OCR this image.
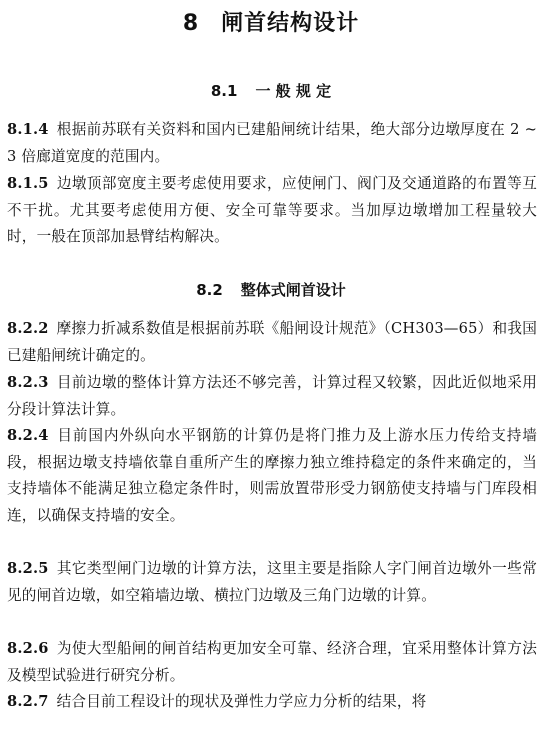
8 闸首结构设计
8.1 一 般 规 定
8.1.4 根据前苏联有关资料和国内已建船闸统计结果，绝大部分边墩厚度在 2 ~ 3 倍廊道宽度的范围内。
8.1.5 边墩顶部宽度主要考虑使用要求，应使闸门、阀门及交通道路的布置等互不干扰。尤其要考虑使用方便、安全可靠等要求。当加厚边墩增加工程量较大时，一般在顶部加悬臂结构解决。
8.2 整体式闸首设计
8.2.2 摩擦力折减系数值是根据前苏联《船闸设计规范》（CH303—65）和我国已建船闸统计确定的。
8.2.3 目前边墩的整体计算方法还不够完善，计算过程又较繁，因此近似地采用分段计算法计算。
8.2.4 目前国内外纵向水平钢筋的计算仍是将门推力及上游水压力传给支持墙段，根据边墩支持墙依靠自重所产生的摩擦力独立维持稳定的条件来确定的，当支持墙体不能满足独立稳定条件时，则需放置带形受力钢筋使支持墙与门库段相连，以确保支持墙的安全。
8.2.5 其它类型闸门边墩的计算方法，这里主要是指除人字门闸首边墩外一些常见的闸首边墩，如空箱墙边墩、横拉门边墩及三角门边墩的计算。
8.2.6 为使大型船闸的闸首结构更加安全可靠、经济合理，宜采用整体计算方法及模型试验进行研究分析。
8.2.7 结合目前工程设计的现状及弹性力学应力分析的结果，将
